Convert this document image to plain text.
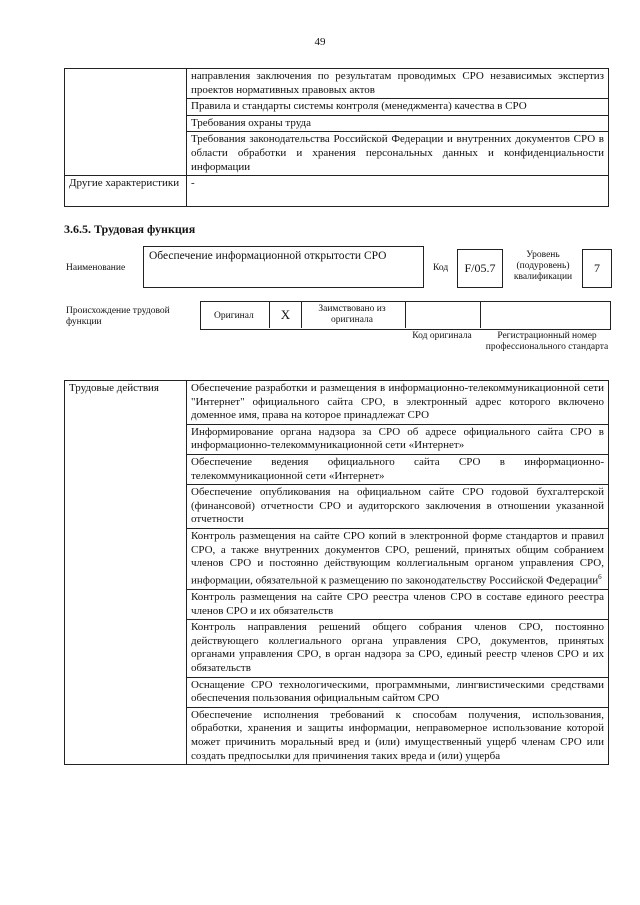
49
	направления заключения по результатам проводимых СРО независимых экспертиз проектов нормативных правовых актов
	Правила и стандарты системы контроля (менеджмента) качества в СРО
	Требования охраны труда
	Требования законодательства Российской Федерации и внутренних документов СРО в области обработки и хранения персональных данных и конфиденциальности информации
Другие характеристики	-
3.6.5. Трудовая функция
Наименование
Обеспечение информационной открытости СРО
Код	F/05.7
Уровень (подуровень) квалификации
7
Происхождение трудовой функции
Оригинал	X	Заимствовано из оригинала
Код оригинала	Регистрационный номер профессионального стандарта
Трудовые действия	Обеспечение разработки и размещения в информационно-телекоммуникационной сети "Интернет" официального сайта СРО, в электронный адрес которого включено доменное имя, права на которое принадлежат СРО
Информирование органа надзора за СРО об адресе официального сайта СРО в информационно-телекоммуникационной сети «Интернет»
Обеспечение ведения официального сайта СРО в информационно-телекоммуникационной сети «Интернет»
Обеспечение опубликования на официальном сайте СРО годовой бухгалтерской (финансовой) отчетности СРО и аудиторского заключения в отношении указанной отчетности
Контроль размещения на сайте СРО копий в электронной форме стандартов и правил СРО, а также внутренних документов СРО, решений, принятых общим собранием членов СРО и постоянно действующим коллегиальным органом управления СРО, информации, обязательной к размещению по законодательству Российской Федерации$^6$
Контроль размещения на сайте СРО реестра членов СРО в составе единого реестра членов СРО и их обязательств
Контроль направления решений общего собрания членов СРО, постоянно действующего коллегиального органа управления СРО, документов, принятых органами управления СРО, в орган надзора за СРО, единый реестр членов СРО и их обязательств
Оснащение СРО технологическими, программными, лингвистическими средствами обеспечения пользования официальным сайтом СРО
Обеспечение исполнения требований к способам получения, использования, обработки, хранения и защиты информации, неправомерное использование которой может причинить моральный вред и (или) имущественный ущерб членам СРО или создать предпосылки для причинения таких вреда и (или) ущерба
